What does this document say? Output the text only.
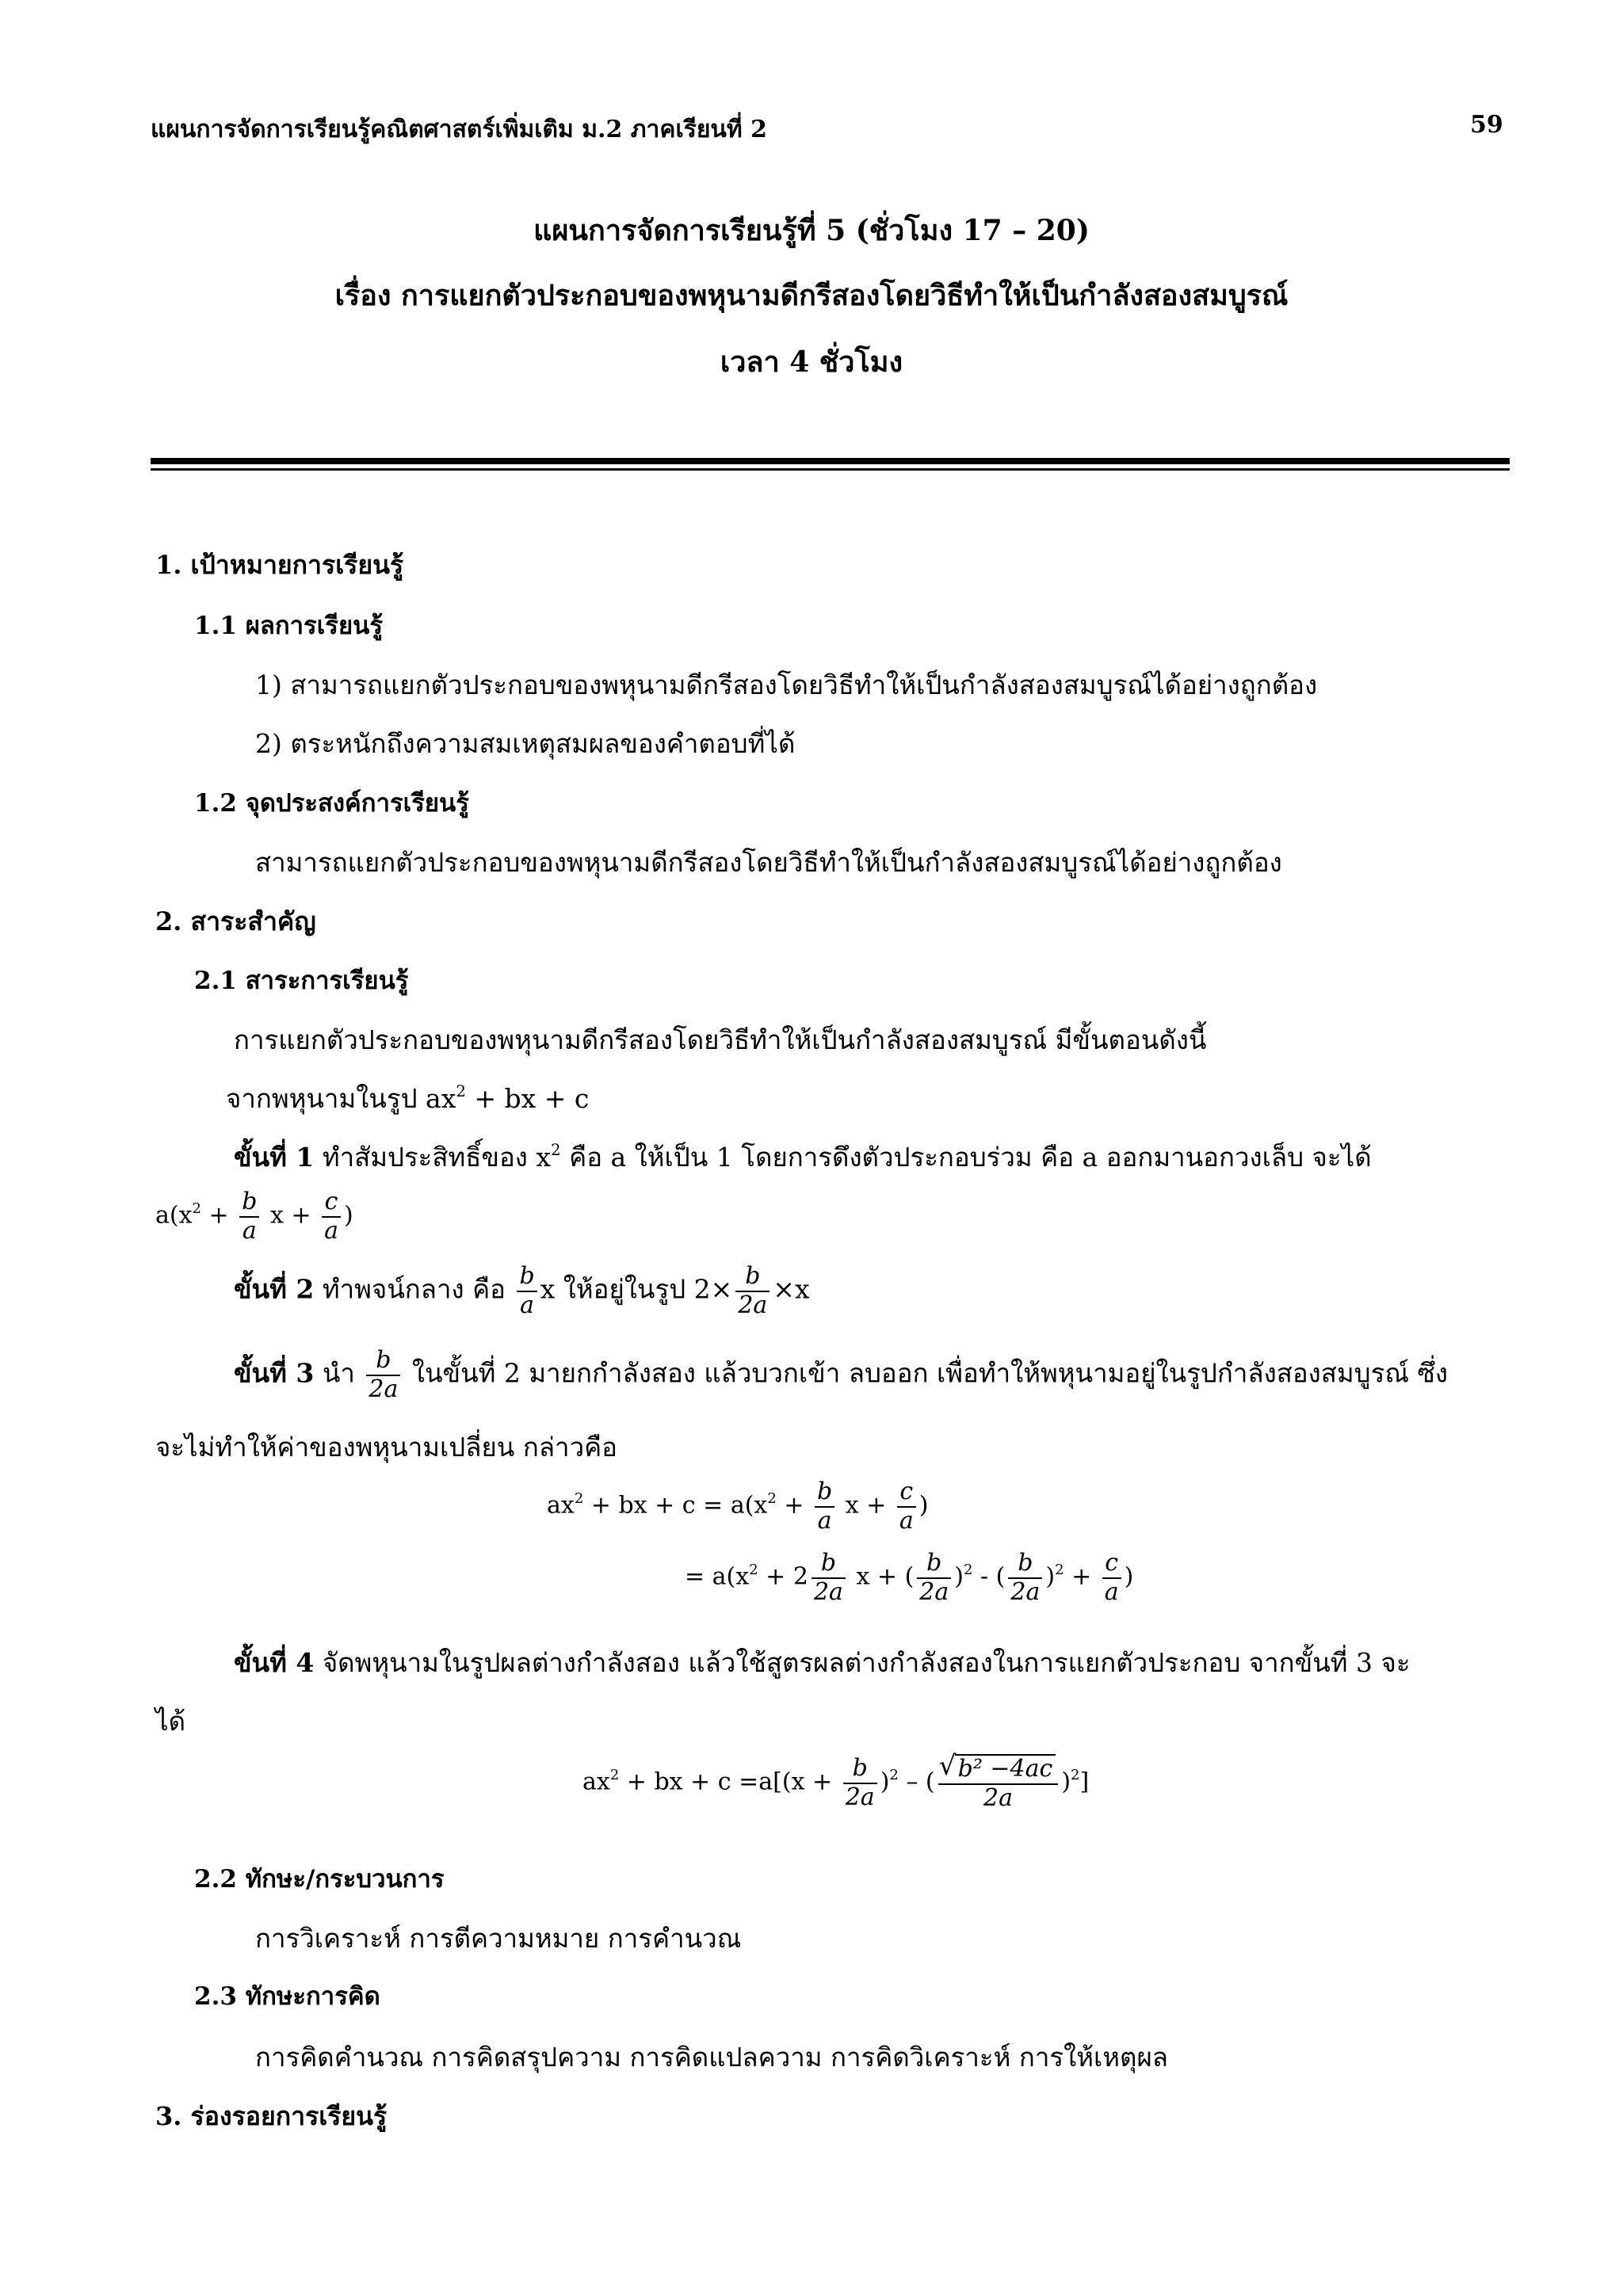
แผนการจัดการเรียนรู้คณิตศาสตร์เพิ่มเติม ม.2 ภาคเรียนที่ 2	59
แผนการจัดการเรียนรู้ที่ 5 (ชั่วโมง 17 – 20)
เรื่อง การแยกตัวประกอบของพหุนามดีกรีสองโดยวิธีทำให้เป็นกำลังสองสมบูรณ์
เวลา 4 ชั่วโมง
1. เป้าหมายการเรียนรู้
1.1 ผลการเรียนรู้
1) สามารถแยกตัวประกอบของพหุนามดีกรีสองโดยวิธีทำให้เป็นกำลังสองสมบูรณ์ได้อย่างถูกต้อง
2) ตระหนักถึงความสมเหตุสมผลของคำตอบที่ได้
1.2 จุดประสงค์การเรียนรู้
สามารถแยกตัวประกอบของพหุนามดีกรีสองโดยวิธีทำให้เป็นกำลังสองสมบูรณ์ได้อย่างถูกต้อง
2. สาระสำคัญ
2.1 สาระการเรียนรู้
การแยกตัวประกอบของพหุนามดีกรีสองโดยวิธีทำให้เป็นกำลังสองสมบูรณ์ มีขั้นตอนดังนี้
จากพหุนามในรูป $ax^2$ + bx + c
ขั้นที่ 1 ทำสัมประสิทธิ์ของ $x^2$ คือ a ให้เป็น 1 โดยการดึงตัวประกอบร่วม คือ a ออกมานอกวงเล็บ จะได้
$a(x^2 + \frac{b}{a}$ $x + \frac{c}{a}$ )
ขั้นที่ 2 ทำพจน์กลาง คือ $\frac{b}{a}$ x ให้อยู่ในรูป $2\times \frac{b}{2a} \times x$
ขั้นที่ 3 นำ $\frac{b}{2a}$ ในขั้นที่ 2 มายกกำลังสอง แล้วบวกเข้า ลบออก เพื่อทำให้พหุนามอยู่ในรูปกำลังสองสมบูรณ์ ซึ่ง
จะไม่ทำให้ค่าของพหุนามเปลี่ยน กล่าวคือ
$ax^2$ + bx + $c = a(x^2 + \frac{b}{a}$ $x + \frac{c}{a}$ )
= $a(x^2 + 2 \frac{b}{2a}$ x + ( $\frac{b}{2a} )^2$ - ( $\frac{b}{2a} )^2 + \frac{c}{a}$ )
ขั้นที่ 4 จัดพหุนามในรูปผลต่างกำลังสอง แล้วใช้สูตรผลต่างกำลังสองในการแยกตัวประกอบ จากขั้นที่ 3 จะ
ได้
$ax^2$ + bx + $c =a[(x + \frac{b}{2a} )^2$ – (
√ $\frac{\text{b² −4ac}}{2a} )^2$]
2.2 ทักษะ/กระบวนการ
การวิเคราะห์ การตีความหมาย การคำนวณ
2.3 ทักษะการคิด
การคิดคำนวณ การคิดสรุปความ การคิดแปลความ การคิดวิเคราะห์ การให้เหตุผล
3. ร่องรอยการเรียนรู้
